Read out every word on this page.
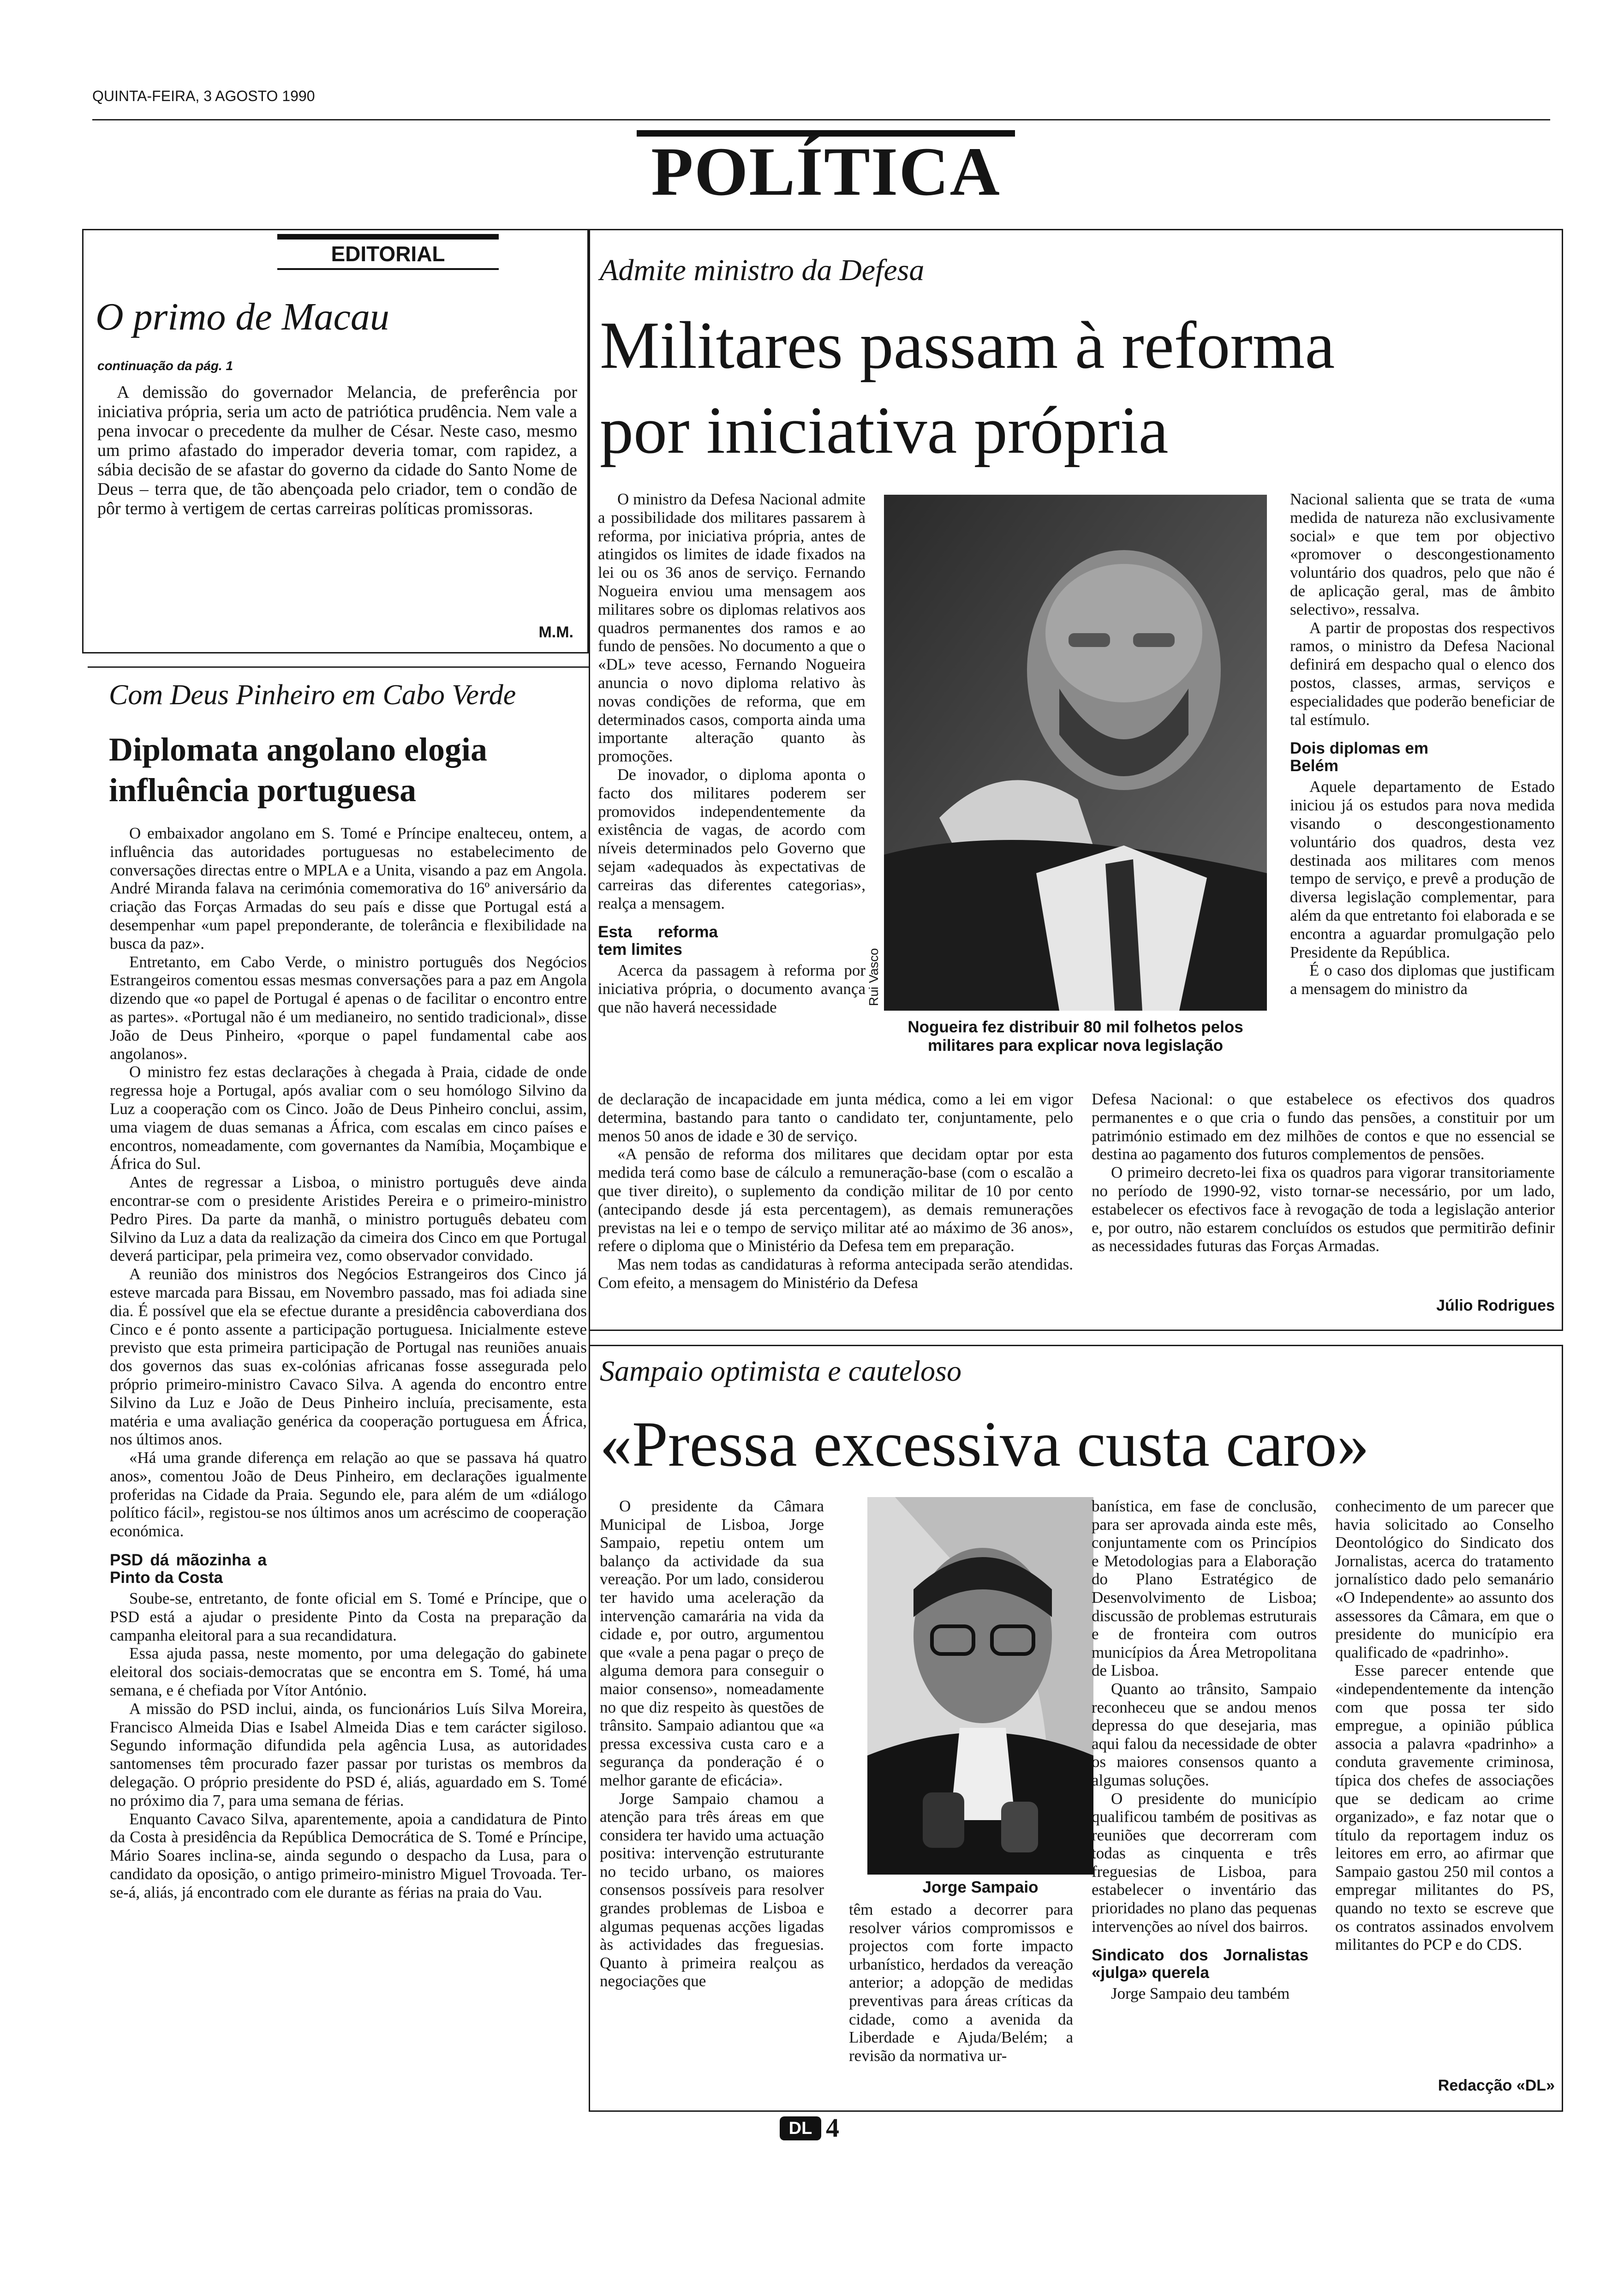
QUINTA-FEIRA, 3 AGOSTO 1990
POLÍTICA
EDITORIAL
O primo de Macau
continuação da pág. 1

A demissão do governador Melancia, de preferência por iniciativa própria, seria um acto de patriótica prudência. Nem vale a pena invocar o precedente da mulher de César. Neste caso, mesmo um primo afastado do imperador deveria tomar, com rapidez, a sábia decisão de se afastar do governo da cidade do Santo Nome de Deus – terra que, de tão abençoada pelo criador, tem o condão de pôr termo à vertigem de certas carreiras políticas promissoras.

M.M.
Com Deus Pinheiro em Cabo Verde
Diplomata angolano elogia influência portuguesa

O embaixador angolano em S. Tomé e Príncipe enalteceu, ontem, a influência das autoridades portuguesas no estabelecimento de conversações directas entre o MPLA e a Unita, visando a paz em Angola. André Miranda falava na cerimónia comemorativa do 16º aniversário da criação das Forças Armadas do seu país e disse que Portugal está a desempenhar «um papel preponderante, de tolerância e flexibilidade na busca da paz».

Entretanto, em Cabo Verde, o ministro português dos Negócios Estrangeiros comentou essas mesmas conversações para a paz em Angola dizendo que «o papel de Portugal é apenas o de facilitar o encontro entre as partes». «Portugal não é um medianeiro, no sentido tradicional», disse João de Deus Pinheiro, «porque o papel fundamental cabe aos angolanos».

O ministro fez estas declarações à chegada à Praia, cidade de onde regressa hoje a Portugal, após avaliar com o seu homólogo Silvino da Luz a cooperação com os Cinco. João de Deus Pinheiro conclui, assim, uma viagem de duas semanas a África, com escalas em cinco países e encontros, nomeadamente, com governantes da Namíbia, Moçambique e África do Sul.

Antes de regressar a Lisboa, o ministro português deve ainda encontrar-se com o presidente Aristides Pereira e o primeiro-ministro Pedro Pires. Da parte da manhã, o ministro português debateu com Silvino da Luz a data da realização da cimeira dos Cinco em que Portugal deverá participar, pela primeira vez, como observador convidado.

A reunião dos ministros dos Negócios Estrangeiros dos Cinco já esteve marcada para Bissau, em Novembro passado, mas foi adiada sine dia. É possível que ela se efectue durante a presidência caboverdiana dos Cinco e é ponto assente a participação portuguesa. Inicialmente esteve previsto que esta primeira participação de Portugal nas reuniões anuais dos governos das suas ex-colónias africanas fosse assegurada pelo próprio primeiro-ministro Cavaco Silva. A agenda do encontro entre Silvino da Luz e João de Deus Pinheiro incluía, precisamente, esta matéria e uma avaliação genérica da cooperação portuguesa em África, nos últimos anos.

«Há uma grande diferença em relação ao que se passava há quatro anos», comentou João de Deus Pinheiro, em declarações igualmente proferidas na Cidade da Praia. Segundo ele, para além de um «diálogo político fácil», registou-se nos últimos anos um acréscimo de cooperação económica.

PSD dá mãozinha a Pinto da Costa

Soube-se, entretanto, de fonte oficial em S. Tomé e Príncipe, que o PSD está a ajudar o presidente Pinto da Costa na preparação da campanha eleitoral para a sua recandidatura.

Essa ajuda passa, neste momento, por uma delegação do gabinete eleitoral dos sociais-democratas que se encontra em S. Tomé, há uma semana, e é chefiada por Vítor António.

A missão do PSD inclui, ainda, os funcionários Luís Silva Moreira, Francisco Almeida Dias e Isabel Almeida Dias e tem carácter sigiloso. Segundo informação difundida pela agência Lusa, as autoridades santomenses têm procurado fazer passar por turistas os membros da delegação. O próprio presidente do PSD é, aliás, aguardado em S. Tomé no próximo dia 7, para uma semana de férias.

Enquanto Cavaco Silva, aparentemente, apoia a candidatura de Pinto da Costa à presidência da República Democrática de S. Tomé e Príncipe, Mário Soares inclina-se, ainda segundo o despacho da Lusa, para o candidato da oposição, o antigo primeiro-ministro Miguel Trovoada. Ter-se-á, aliás, já encontrado com ele durante as férias na praia do Vau.

Admite ministro da Defesa
Militares passam à reforma
por iniciativa própria

O ministro da Defesa Nacional admite a possibilidade dos militares passarem à reforma, por iniciativa própria, antes de atingidos os limites de idade fixados na lei ou os 36 anos de serviço. Fernando Nogueira enviou uma mensagem aos militares sobre os diplomas relativos aos quadros permanentes dos ramos e ao fundo de pensões. No documento a que o «DL» teve acesso, Fernando Nogueira anuncia o novo diploma relativo às novas condições de reforma, que em determinados casos, comporta ainda uma importante alteração quanto às promoções.

De inovador, o diploma aponta o facto dos militares poderem ser promovidos independentemente da existência de vagas, de acordo com níveis determinados pelo Governo que sejam «adequados às expectativas de carreiras das diferentes categorias», realça a mensagem.

Esta reforma tem limites

Acerca da passagem à reforma por iniciativa própria, o documento avança que não haverá necessidade

Rui Vasco
Nogueira fez distribuir 80 mil folhetos pelos militares para explicar nova legislação

Nacional salienta que se trata de «uma medida de natureza não exclusivamente social» e que tem por objectivo «promover o descongestionamento voluntário dos quadros, pelo que não é de aplicação geral, mas de âmbito selectivo», ressalva.

A partir de propostas dos respectivos ramos, o ministro da Defesa Nacional definirá em despacho qual o elenco dos postos, classes, armas, serviços e especialidades que poderão beneficiar de tal estímulo.

Dois diplomas em Belém

Aquele departamento de Estado iniciou já os estudos para nova medida visando o descongestionamento voluntário dos quadros, desta vez destinada aos militares com menos tempo de serviço, e prevê a produção de diversa legislação complementar, para além da que entretanto foi elaborada e se encontra a aguardar promulgação pelo Presidente da República.

É o caso dos diplomas que justificam a mensagem do ministro da

de declaração de incapacidade em junta médica, como a lei em vigor determina, bastando para tanto o candidato ter, conjuntamente, pelo menos 50 anos de idade e 30 de serviço.

«A pensão de reforma dos militares que decidam optar por esta medida terá como base de cálculo a remuneração-base (com o escalão a que tiver direito), o suplemento da condição militar de 10 por cento (antecipando desde já esta percentagem), as demais remunerações previstas na lei e o tempo de serviço militar até ao máximo de 36 anos», refere o diploma que o Ministério da Defesa tem em preparação.

Mas nem todas as candidaturas à reforma antecipada serão atendidas. Com efeito, a mensagem do Ministério da Defesa

Defesa Nacional: o que estabelece os efectivos dos quadros permanentes e o que cria o fundo das pensões, a constituir por um património estimado em dez milhões de contos e que no essencial se destina ao pagamento dos futuros complementos de pensões.

O primeiro decreto-lei fixa os quadros para vigorar transitoriamente no período de 1990-92, visto tornar-se necessário, por um lado, estabelecer os efectivos face à revogação de toda a legislação anterior e, por outro, não estarem concluídos os estudos que permitirão definir as necessidades futuras das Forças Armadas.

Júlio Rodrigues
Sampaio optimista e cauteloso
«Pressa excessiva custa caro»

O presidente da Câmara Municipal de Lisboa, Jorge Sampaio, repetiu ontem um balanço da actividade da sua vereação. Por um lado, considerou ter havido uma aceleração da intervenção camarária na vida da cidade e, por outro, argumentou que «vale a pena pagar o preço de alguma demora para conseguir o maior consenso», nomeadamente no que diz respeito às questões de trânsito. Sampaio adiantou que «a pressa excessiva custa caro e a segurança da ponderação é o melhor garante de eficácia».

Jorge Sampaio chamou a atenção para três áreas em que considera ter havido uma actuação positiva: intervenção estruturante no tecido urbano, os maiores consensos possíveis para resolver grandes problemas de Lisboa e algumas pequenas acções ligadas às actividades das freguesias. Quanto à primeira realçou as negociações que

Jorge Sampaio

têm estado a decorrer para resolver vários compromissos e projectos com forte impacto urbanístico, herdados da vereação anterior; a adopção de medidas preventivas para áreas críticas da cidade, como a avenida da Liberdade e Ajuda/Belém; a revisão da normativa ur-

banística, em fase de conclusão, para ser aprovada ainda este mês, conjuntamente com os Princípios e Metodologias para a Elaboração do Plano Estratégico de Desenvolvimento de Lisboa; discussão de problemas estruturais e de fronteira com outros municípios da Área Metropolitana de Lisboa.

Quanto ao trânsito, Sampaio reconheceu que se andou menos depressa do que desejaria, mas aqui falou da necessidade de obter os maiores consensos quanto a algumas soluções.

O presidente do município qualificou também de positivas as reuniões que decorreram com todas as cinquenta e três freguesias de Lisboa, para estabelecer o inventário das prioridades no plano das pequenas intervenções ao nível dos bairros.

Sindicato dos Jornalistas «julga» querela

Jorge Sampaio deu também

conhecimento de um parecer que havia solicitado ao Conselho Deontológico do Sindicato dos Jornalistas, acerca do tratamento jornalístico dado pelo semanário «O Independente» ao assunto dos assessores da Câmara, em que o presidente do município era qualificado de «padrinho».

Esse parecer entende que «independentemente da intenção com que possa ter sido empregue, a opinião pública associa a palavra «padrinho» a conduta gravemente criminosa, típica dos chefes de associações que se dedicam ao crime organizado», e faz notar que o título da reportagem induz os leitores em erro, ao afirmar que Sampaio gastou 250 mil contos a empregar militantes do PS, quando no texto se escreve que os contratos assinados envolvem militantes do PCP e do CDS.

Redacção «DL»
DL 4
